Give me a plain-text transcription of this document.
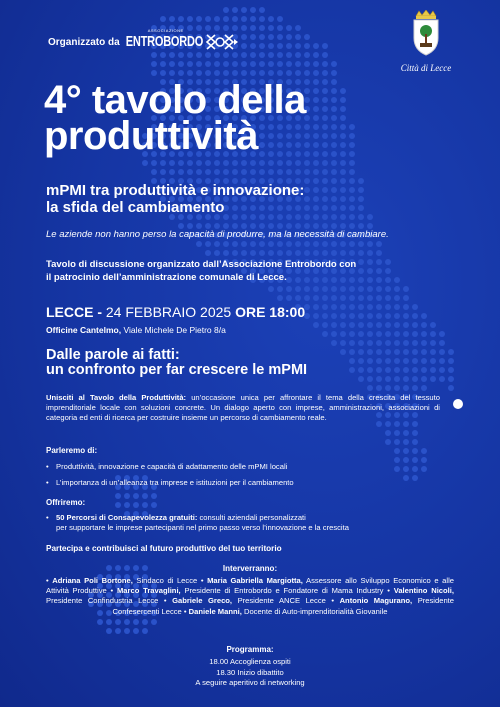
Organizzato da
ASSOCIAZIONE
ENTROBORDO
Città di Lecce
4° tavolo della
produttività
mPMI tra produttività e innovazione:
la sfida del cambiamento
Le aziende non hanno perso la capacità di produrre, ma la necessità di cambiare.
Tavolo di discussione organizzato dall’Associazione Entrobordo con
il patrocinio dell’amministrazione comunale di Lecce.
LECCE - 24 FEBBRAIO 2025 ORE 18:00
Officine Cantelmo, Viale Michele De Pietro 8/a
Dalle parole ai fatti:
un confronto per far crescere le mPMI

Unisciti al Tavolo della Produttività: un’occasione unica per affrontare il tema della crescita del tessuto imprenditoriale locale con soluzioni concrete. Un dialogo aperto con imprese, amministrazioni, associazioni di categoria ed enti di ricerca per costruire insieme un percorso di cambiamento reale.

Parleremo di:
• Produttività, innovazione e capacità di adattamento delle mPMI locali
• L’importanza di un’alleanza tra imprese e istituzioni per il cambiamento
Offriremo:
• 50 Percorsi di Consapevolezza gratuiti: consulti aziendali personalizzati
per supportare le imprese partecipanti nel primo passo verso l’innovazione e la crescita
Partecipa e contribuisci al futuro produttivo del tuo territorio
Interverranno:
• Adriana Poli Bortone, Sindaco di Lecce • Maria Gabriella Margiotta, Assessore allo Sviluppo Economico e alle Attività Produttive • Marco Travaglini, Presidente di Entrobordo e Fondatore di Mama Industry • Valentino Nicoli, Presidente Confindustria Lecce • Gabriele Greco, Presidente ANCE Lecce • Antonio Magurano, Presidente Confesercenti Lecce • Daniele Manni, Docente di Auto-imprenditorialità Giovanile
Programma:
18.00 Accoglienza ospiti
18.30 Inizio dibattito
A seguire aperitivo di networking
